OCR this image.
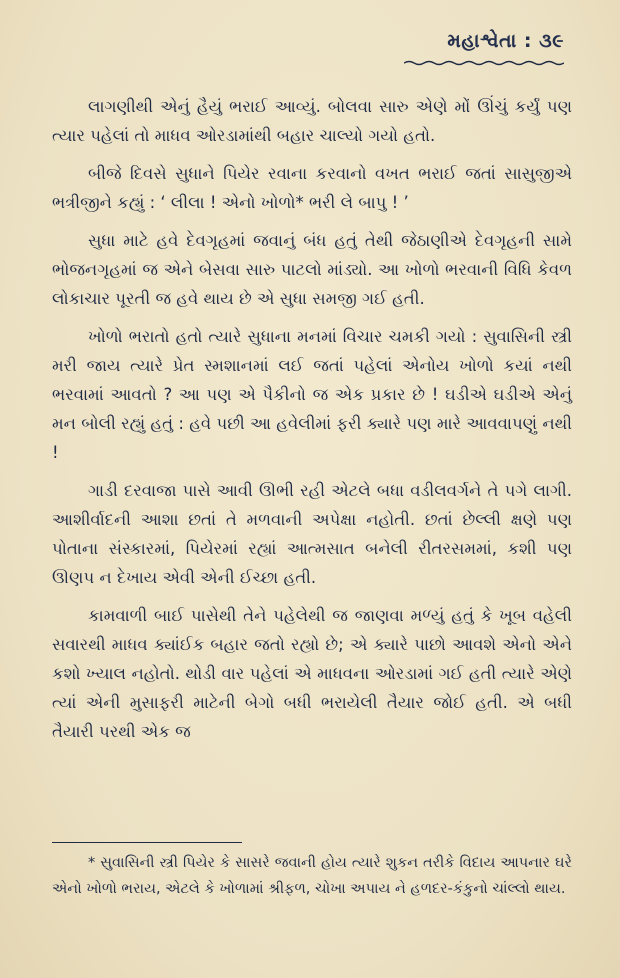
મહાશ્વેતા : ૩૯

લાગણીથી એનું હૈયું ભરાઈ આવ્યું. બોલવા સારુ એણે મોં ઊંચું કર્યું પણ ત્યાર પહેલાં તો માધવ ઓરડામાંથી બહાર ચાલ્યો ગયો હતો.

બીજે દિવસે સુધાને પિયેર રવાના કરવાનો વખત ભરાઈ જતાં સાસુજીએ ભત્રીજીને કહ્યું : ‘ લીલા ! એનો ખોળો* ભરી લે બાપુ ! ’

સુધા માટે હવે દેવગૃહમાં જવાનું બંધ હતું તેથી જેઠાણીએ દેવગૃહની સામે ભોજનગૃહમાં જ એને બેસવા સારુ પાટલો માંડ્યો. આ ખોળો ભરવાની વિધિ કેવળ લોકાચાર પૂરતી જ હવે થાય છે એ સુધા સમજી ગઈ હતી.

ખોળો ભરાતો હતો ત્યારે સુધાના મનમાં વિચાર ચમકી ગયો : સુવાસિની સ્ત્રી મરી જાય ત્યારે પ્રેત સ્મશાનમાં લઈ જતાં પહેલાં એનોય ખોળો કયાં નથી ભરવામાં આવતો ? આ પણ એ પૈકીનો જ એક પ્રકાર છે ! ઘડીએ ઘડીએ એનું મન બોલી રહ્યું હતું : હવે પછી આ હવેલીમાં ફરી ક્યારે પણ મારે આવવાપણું નથી !

ગાડી દરવાજા પાસે આવી ઊભી રહી એટલે બધા વડીલવર્ગને તે પગે લાગી. આશીર્વાદની આશા છતાં તે મળવાની અપેક્ષા નહોતી. છતાં છેલ્લી ક્ષણે પણ પોતાના સંસ્કારમાં, પિયેરમાં રહ્યાં આત્મસાત બનેલી રીતરસમમાં, કશી પણ ઊણપ ન દેખાય એવી એની ઈચ્છા હતી.

કામવાળી બાઈ પાસેથી તેને પહેલેથી જ જાણવા મળ્યું હતું કે ખૂબ વહેલી સવારથી માધવ ક્યાંઈક બહાર જતો રહ્યો છે; એ ક્યારે પાછો આવશે એનો એને કશો ખ્યાલ નહોતો. થોડી વાર પહેલાં એ માધવના ઓરડામાં ગઈ હતી ત્યારે એણે ત્યાં એની મુસાફરી માટેની બેગો બધી ભરાયેલી તૈયાર જોઈ હતી. એ બધી તૈયારી પરથી એક જ

* સુવાસિની સ્ત્રી પિયેર કે સાસરે જવાની હોય ત્યારે શુકન તરીકે વિદાય આપનાર ઘરે એનો ખોળો ભરાય, એટલે કે ખોળામાં શ્રીફળ, ચોખા અપાય ને હળદર-કંકુનો ચાંલ્લો થાય.
